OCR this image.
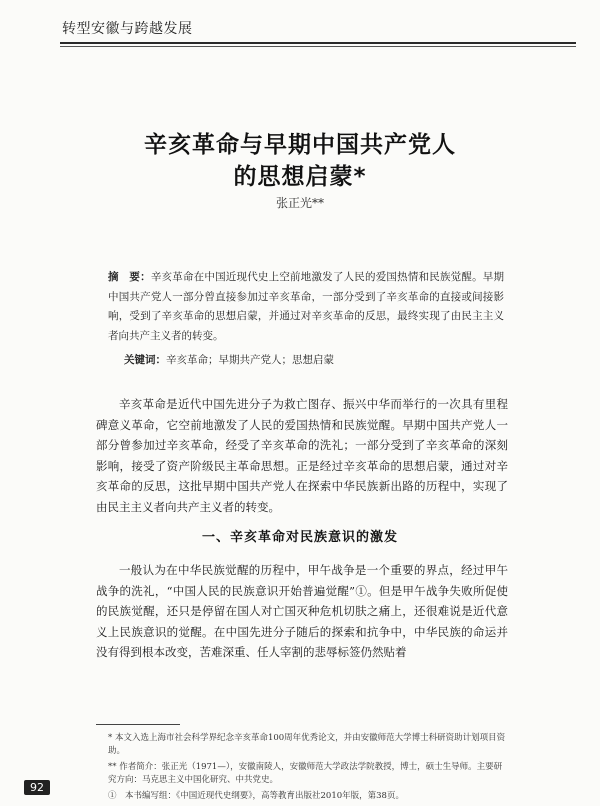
转型安徽与跨越发展
辛亥革命与早期中国共产党人
的思想启蒙*
张正光**
摘　要：辛亥革命在中国近现代史上空前地激发了人民的爱国热情和民族觉醒。早期中国共产党人一部分曾直接参加过辛亥革命，一部分受到了辛亥革命的直接或间接影响，受到了辛亥革命的思想启蒙，并通过对辛亥革命的反思，最终实现了由民主主义者向共产主义者的转变。
关键词：辛亥革命；早期共产党人；思想启蒙
辛亥革命是近代中国先进分子为救亡图存、振兴中华而举行的一次具有里程碑意义革命，它空前地激发了人民的爱国热情和民族觉醒。早期中国共产党人一部分曾参加过辛亥革命，经受了辛亥革命的洗礼；一部分受到了辛亥革命的深刻影响，接受了资产阶级民主革命思想。正是经过辛亥革命的思想启蒙，通过对辛亥革命的反思，这批早期中国共产党人在探索中华民族新出路的历程中，实现了由民主主义者向共产主义者的转变。
一、辛亥革命对民族意识的激发
一般认为在中华民族觉醒的历程中，甲午战争是一个重要的界点，经过甲午战争的洗礼，“中国人民的民族意识开始普遍觉醒”①。但是甲午战争失败所促使的民族觉醒，还只是停留在国人对亡国灭种危机切肤之痛上，还很难说是近代意义上民族意识的觉醒。在中国先进分子随后的探索和抗争中，中华民族的命运并没有得到根本改变，苦难深重、任人宰割的悲辱标签仍然贴着

* 本文入选上海市社会科学界纪念辛亥革命100周年优秀论文，并由安徽师范大学博士科研资助计划项目资助。

** 作者简介：张正光（1971—），安徽南陵人，安徽师范大学政法学院教授，博士，硕士生导师。主要研究方向：马克思主义中国化研究、中共党史。

①　本书编写组：《中国近现代史纲要》，高等教育出版社2010年版，第38页。

92
